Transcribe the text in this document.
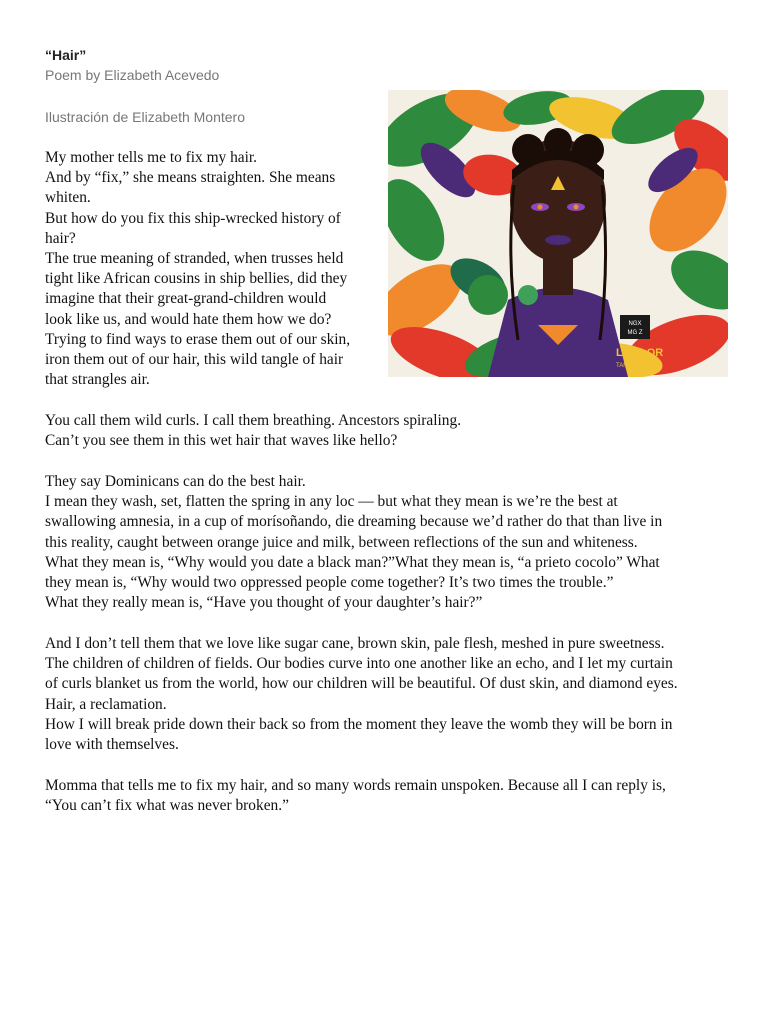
“Hair”
Poem by Elizabeth Acevedo
Ilustración de Elizabeth Montero
NGX
MG Z
LA FLOR
TAMARINDO
My mother tells me to fix my hair.
And by “fix,” she means straighten. She means
whiten.
But how do you fix this ship-wrecked history of
hair?
The true meaning of stranded, when trusses held
tight like African cousins in ship bellies, did they
imagine that their great-grand-children would
look like us, and would hate them how we do?
Trying to find ways to erase them out of our skin,
iron them out of our hair, this wild tangle of hair
that strangles air.
You call them wild curls. I call them breathing. Ancestors spiraling.
Can’t you see them in this wet hair that waves like hello?
They say Dominicans can do the best hair.
I mean they wash, set, flatten the spring in any loc — but what they mean is we’re the best at
swallowing amnesia, in a cup of morísoñando, die dreaming because we’d rather do that than live in
this reality, caught between orange juice and milk, between reflections of the sun and whiteness.
What they mean is, “Why would you date a black man?”What they mean is, “a prieto cocolo” What
they mean is, “Why would two oppressed people come together? It’s two times the trouble.”
What they really mean is, “Have you thought of your daughter’s hair?”
And I don’t tell them that we love like sugar cane, brown skin, pale flesh, meshed in pure sweetness.
The children of children of fields. Our bodies curve into one another like an echo, and I let my curtain
of curls blanket us from the world, how our children will be beautiful. Of dust skin, and diamond eyes.
Hair, a reclamation.
How I will break pride down their back so from the moment they leave the womb they will be born in
love with themselves.
Momma that tells me to fix my hair, and so many words remain unspoken. Because all I can reply is,
“You can’t fix what was never broken.”
